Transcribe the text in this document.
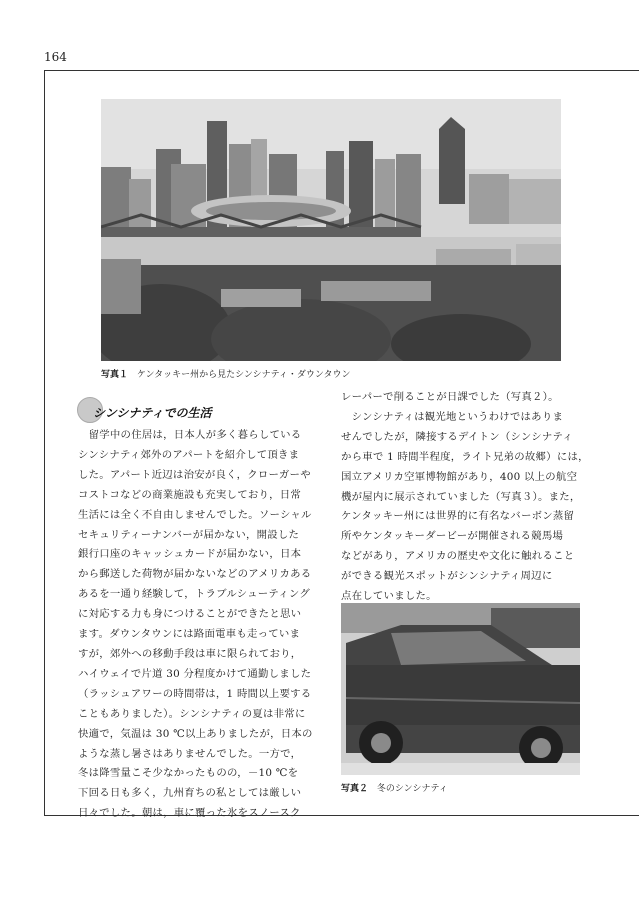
164
写真１ ケンタッキー州から見たシンシナティ・ダウンタウン
シンシナティでの生活
　留学中の住居は，日本人が多く暮らしている
シンシナティ郊外のアパートを紹介して頂きま
した。アパート近辺は治安が良く，クローガーや
コストコなどの商業施設も充実しており，日常
生活には全く不自由しませんでした。ソーシャル
セキュリティーナンバーが届かない，開設した
銀行口座のキャッシュカードが届かない，日本
から郵送した荷物が届かないなどのアメリカある
あるを一通り経験して，トラブルシューティング
に対応する力も身につけることができたと思い
ます。ダウンタウンには路面電車も走っていま
すが，郊外への移動手段は車に限られており，
ハイウェイで片道 30 分程度かけて通勤しました
（ラッシュアワーの時間帯は，1 時間以上要する
こともありました）。シンシナティの夏は非常に
快適で，気温は 30 ℃以上ありましたが，日本の
ような蒸し暑さはありませんでした。一方で，
冬は降雪量こそ少なかったものの，－10 ℃を
下回る日も多く，九州育ちの私としては厳しい
日々でした。朝は，車に覆った氷をスノースク
レーパーで削ることが日課でした（写真２）。
　シンシナティは観光地というわけではありま
せんでしたが，隣接するデイトン（シンシナティ
から車で 1 時間半程度，ライト兄弟の故郷）には，
国立アメリカ空軍博物館があり，400 以上の航空
機が屋内に展示されていました（写真３）。また，
ケンタッキー州には世界的に有名なバーボン蒸留
所やケンタッキーダービーが開催される競馬場
などがあり，アメリカの歴史や文化に触れること
ができる観光スポットがシンシナティ周辺に
点在していました。
写真２ 冬のシンシナティ
